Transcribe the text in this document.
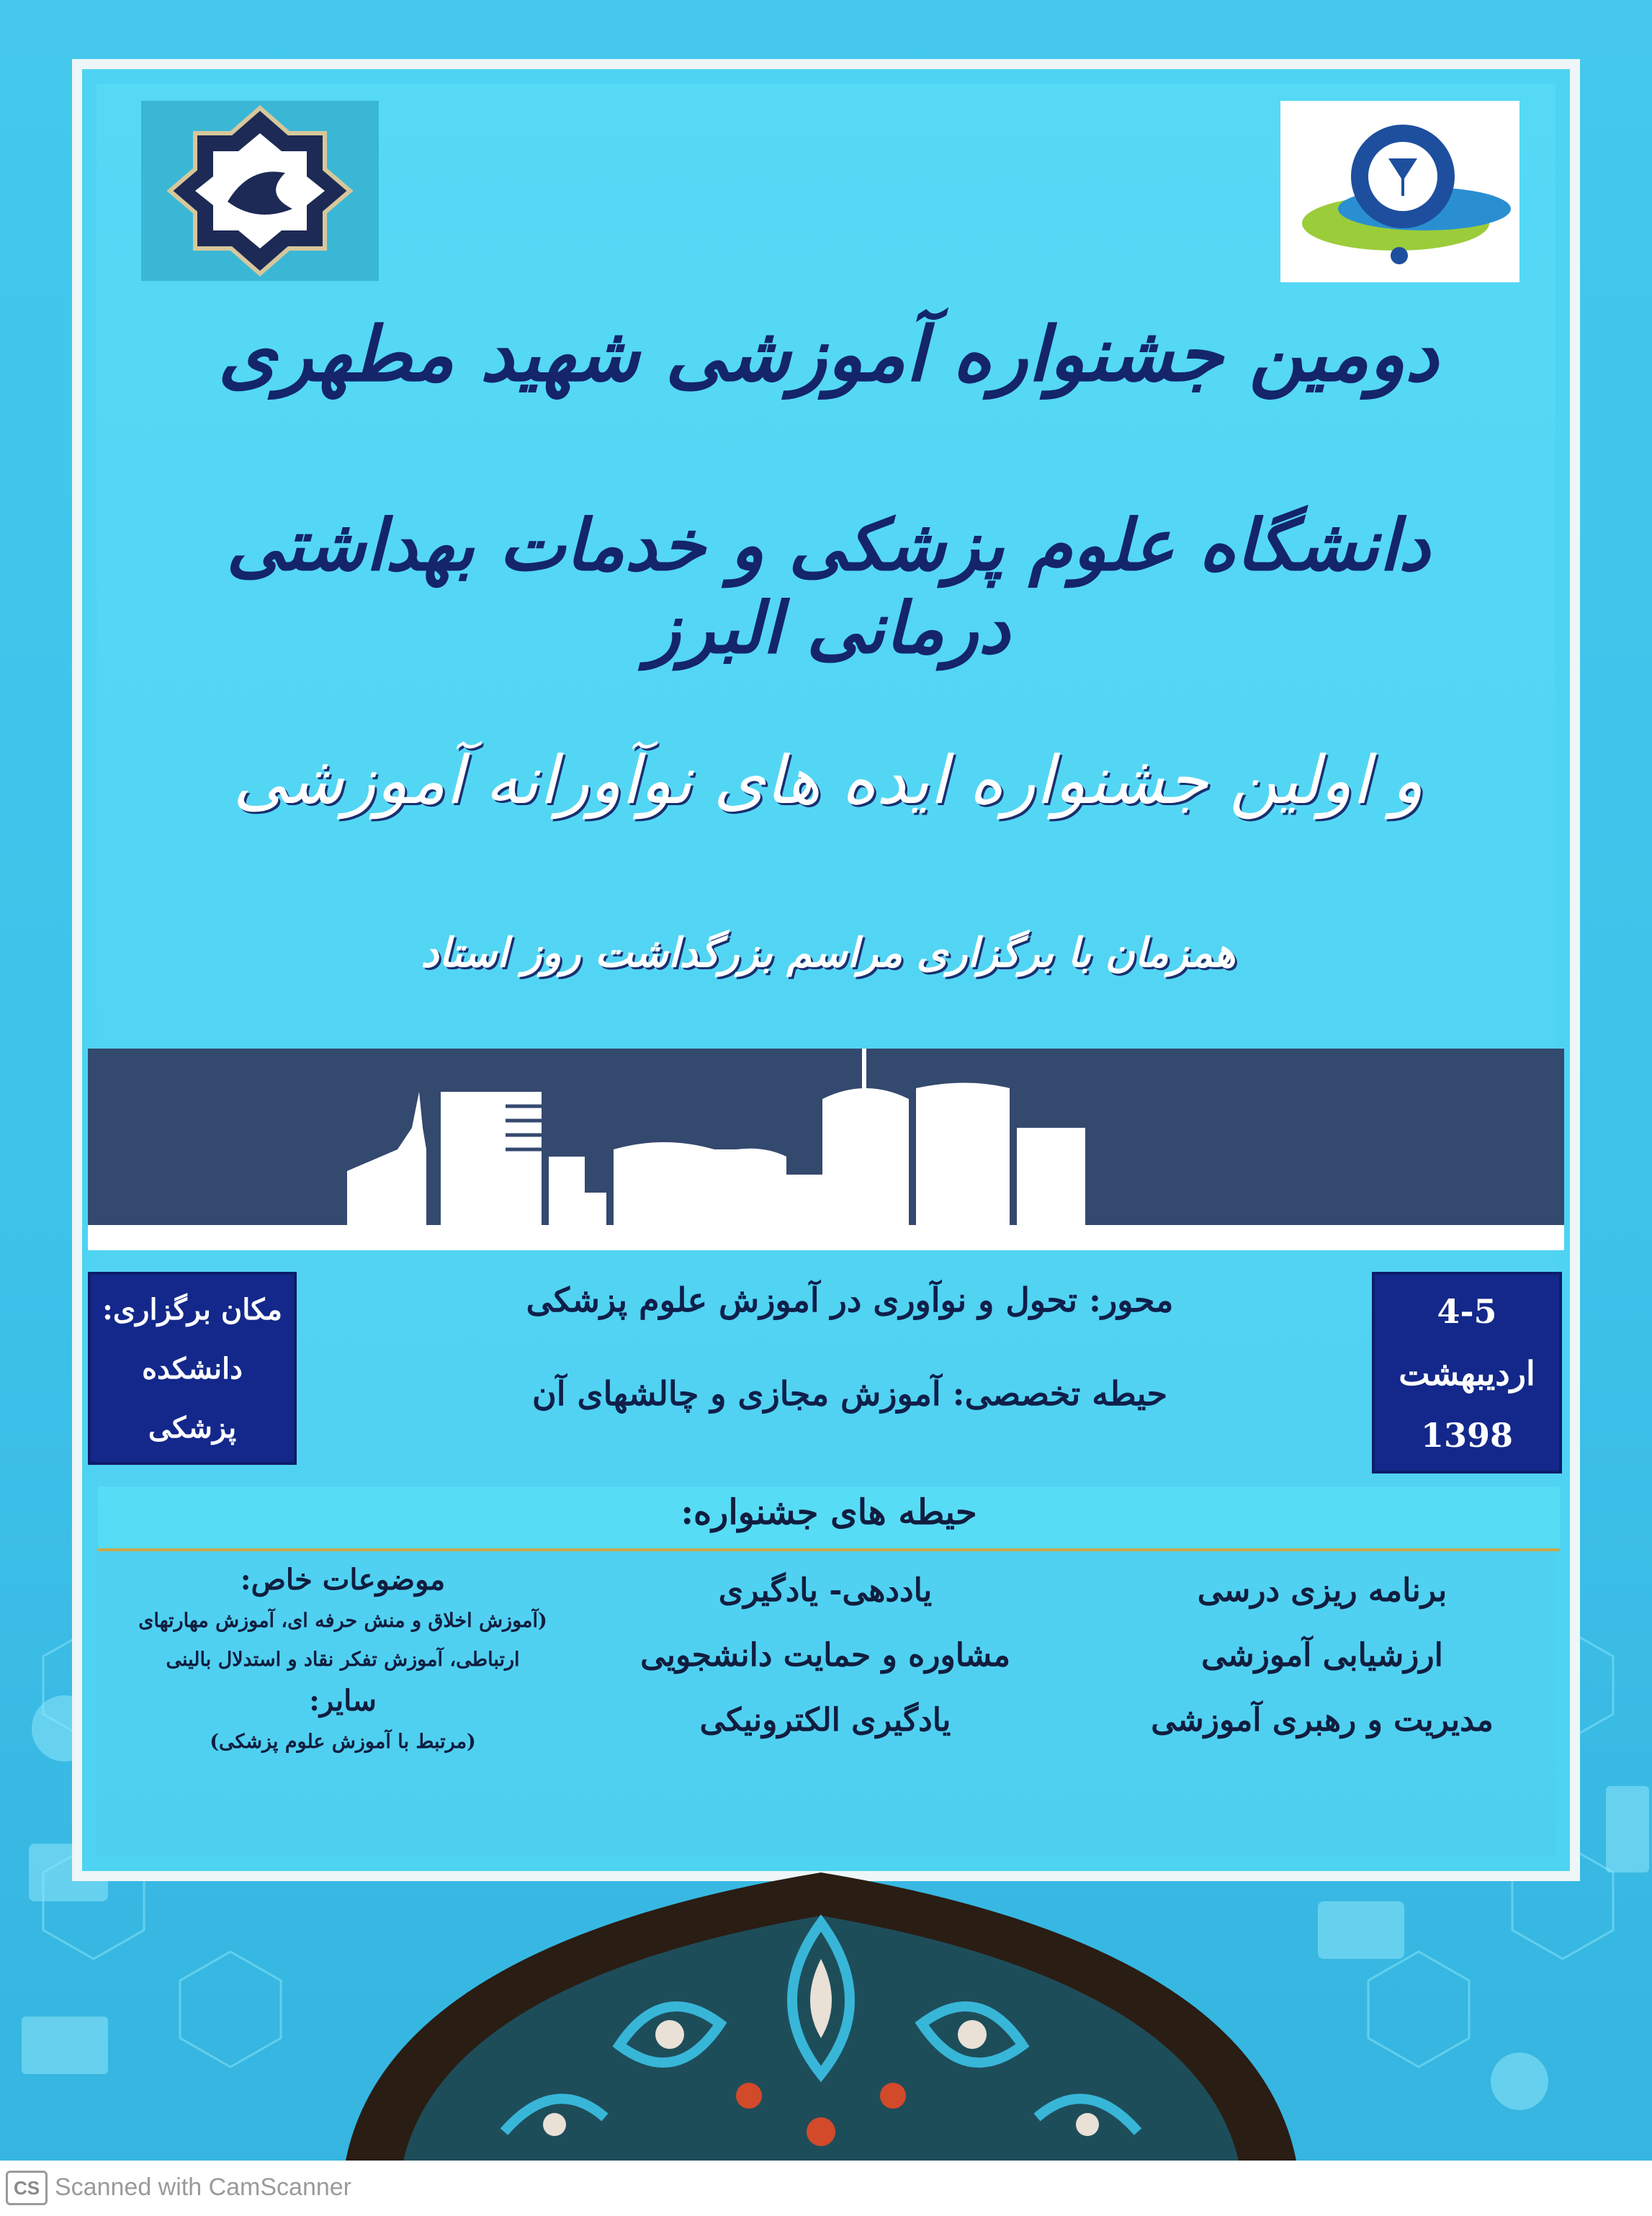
دومین جشنواره آموزشی شهید مطهری
دانشگاه علوم پزشکی و خدمات بهداشتی درمانی البرز
و اولین جشنواره ایده های نوآورانه آموزشی
همزمان با برگزاری مراسم بزرگداشت روز استاد
مکان برگزاری:
دانشکده
پزشکی
4-5
اردیبهشت
1398
محور: تحول و نوآوری در آموزش علوم پزشکی
حیطه تخصصی: آموزش مجازی و چالشهای آن
حیطه های جشنواره:
برنامه ریزی درسی
ارزشیابی آموزشی
مدیریت و رهبری آموزشی
یاددهی- یادگیری
مشاوره و حمایت دانشجویی
یادگیری الکترونیکی
موضوعات خاص:
(آموزش اخلاق و منش حرفه ای، آموزش مهارتهای
ارتباطی، آموزش تفکر نقاد و استدلال بالینی
سایر:
(مرتبط با آموزش علوم پزشکی)
CS Scanned with CamScanner
